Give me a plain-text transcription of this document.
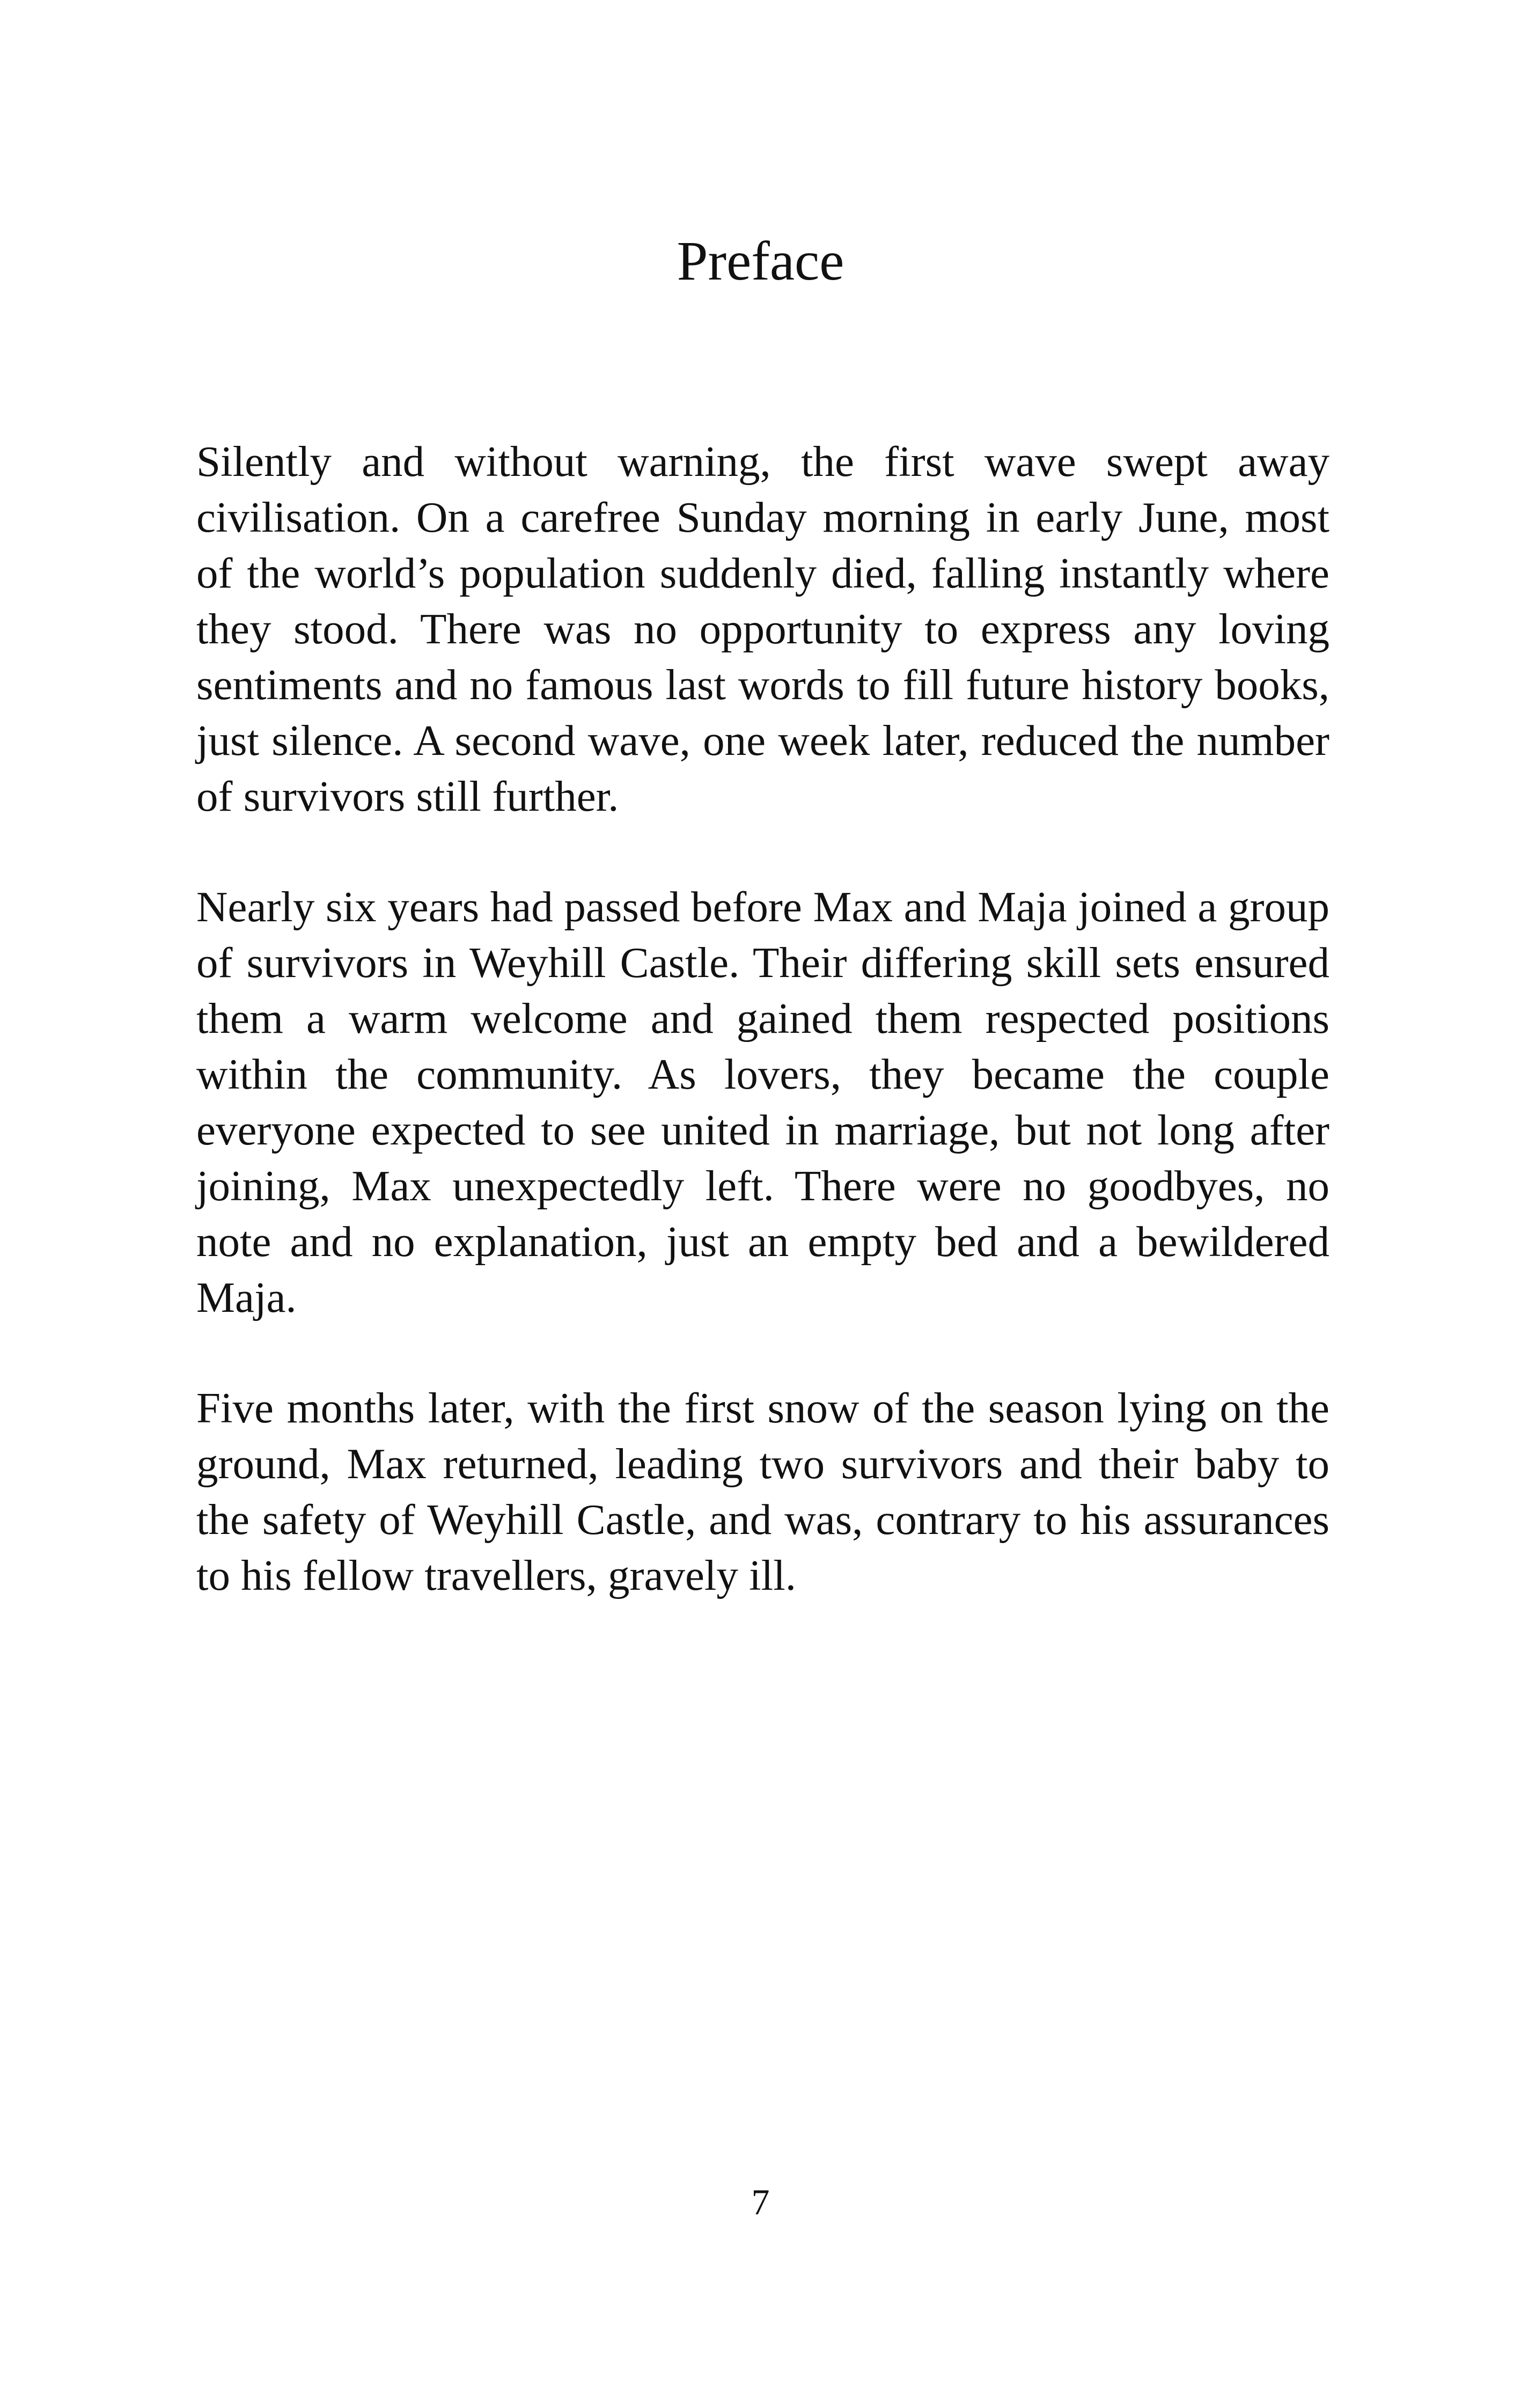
Preface

Silently and without warning, the first wave swept away civilisation. On a carefree Sunday morning in early June, most of the world’s population suddenly died, falling instantly where they stood. There was no opportunity to express any loving sentiments and no famous last words to fill future history books, just silence. A second wave, one week later, reduced the number of survivors still further.

Nearly six years had passed before Max and Maja joined a group of survivors in Weyhill Castle. Their differing skill sets ensured them a warm welcome and gained them respected positions within the community. As lovers, they became the couple everyone expected to see united in marriage, but not long after joining, Max unexpectedly left. There were no goodbyes, no note and no explanation, just an empty bed and a bewildered Maja.

Five months later, with the first snow of the season lying on the ground, Max returned, leading two survivors and their baby to the safety of Weyhill Castle, and was, contrary to his assurances to his fellow travellers, gravely ill.

7
